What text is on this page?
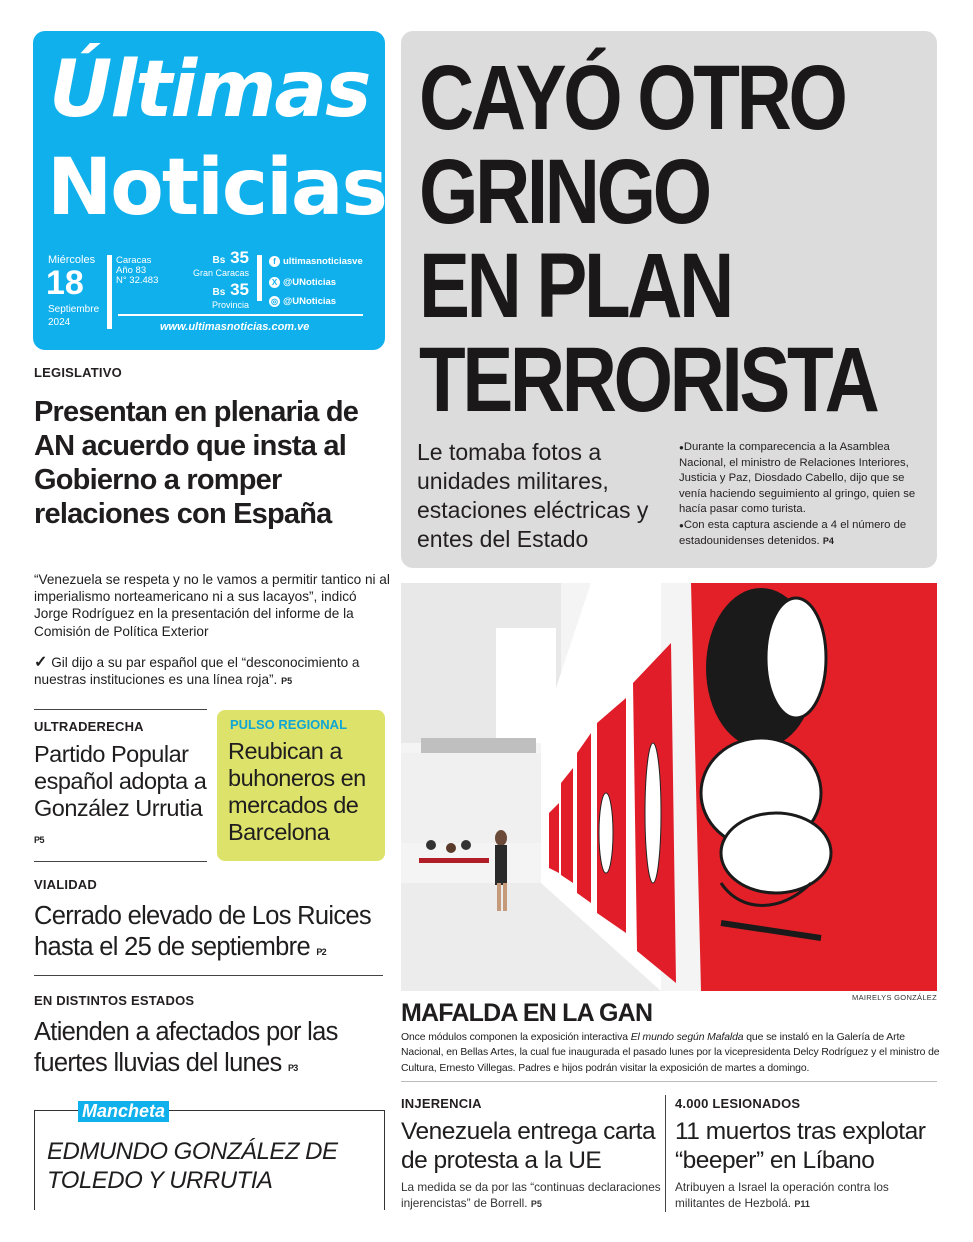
Últimas
Noticias
Miércoles
18
Septiembre
2024
Caracas
Año 83
N° 32.483
Bs 35
Gran Caracas
Bs 35
Provincia
f ultimasnoticiasve
X @UNoticias
◎ @UNoticias
www.ultimasnoticias.com.ve
CAYÓ OTRO
GRINGO
EN PLAN
TERRORISTA
Le tomaba fotos a unidades militares, estaciones eléctricas y entes del Estado
● Durante la comparecencia a la Asamblea Nacional, el ministro de Relaciones Interiores, Justicia y Paz, Diosdado Cabello, dijo que se venía haciendo seguimiento al gringo, quien se hacía pasar como turista.
● Con esta captura asciende a 4 el número de estadounidenses detenidos. P4
LEGISLATIVO
Presentan en plenaria de AN acuerdo que insta al Gobierno a romper relaciones con España
“Venezuela se respeta y no le vamos a permitir tantico ni al imperialismo norteamericano ni a sus lacayos”, indicó Jorge Rodríguez en la presentación del informe de la Comisión de Política Exterior
✓ Gil dijo a su par español que el “desconocimiento a nuestras instituciones es una línea roja”. P5
ULTRADERECHA
Partido Popular español adopta a González Urrutia P5
PULSO REGIONAL
Reubican a buhoneros en mercados de Barcelona
VIALIDAD
Cerrado elevado de Los Ruices hasta el 25 de septiembre P2
EN DISTINTOS ESTADOS
Atienden a afectados por las fuertes lluvias del lunes P3
Mancheta
EDMUNDO GONZÁLEZ DE TOLEDO Y URRUTIA
MAIRELYS GONZÁLEZ
MAFALDA EN LA GAN
Once módulos componen la exposición interactiva El mundo según Mafalda que se instaló en la Galería de Arte Nacional, en Bellas Artes, la cual fue inaugurada el pasado lunes por la vicepresidenta Delcy Rodríguez y el ministro de Cultura, Ernesto Villegas. Padres e hijos podrán visitar la exposición de martes a domingo.
INJERENCIA
Venezuela entrega carta de protesta a la UE
La medida se da por las “continuas declaraciones injerencistas” de Borrell. P5
4.000 LESIONADOS
11 muertos tras explotar “beeper” en Líbano
Atribuyen a Israel la operación contra los militantes de Hezbolá. P11
